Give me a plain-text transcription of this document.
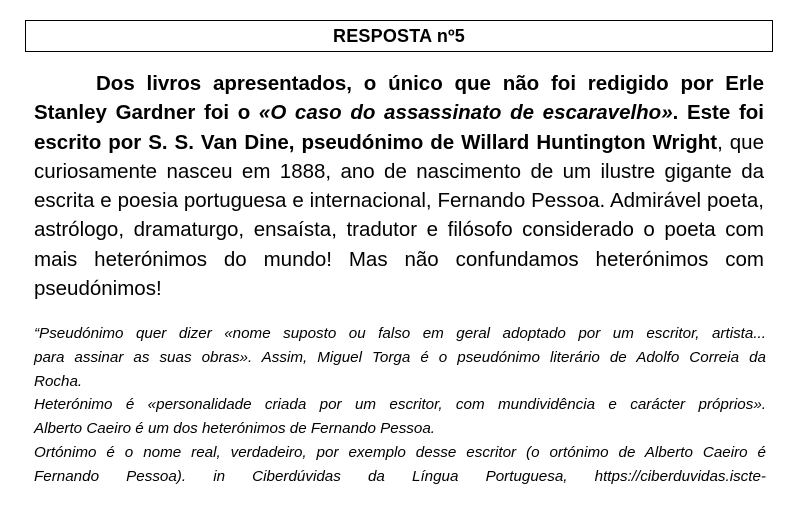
RESPOSTA nº5

Dos livros apresentados, o único que não foi redigido por Erle Stanley Gardner foi o «O caso do assassinato de escaravelho». Este foi escrito por S. S. Van Dine, pseudónimo de Willard Huntington Wright, que curiosamente nasceu em 1888, ano de nascimento de um ilustre gigante da escrita e poesia portuguesa e internacional, Fernando Pessoa. Admirável poeta, astrólogo, dramaturgo, ensaísta, tradutor e filósofo considerado o poeta com mais heterónimos do mundo! Mas não confundamos heterónimos com pseudónimos!

“Pseudónimo quer dizer «nome suposto ou falso em geral adoptado por um escritor, artista...
para assinar as suas obras». Assim, Miguel Torga é o pseudónimo literário de Adolfo Correia da
Rocha.
Heterónimo é «personalidade criada por um escritor, com mundividência e carácter próprios».
Alberto Caeiro é um dos heterónimos de Fernando Pessoa.
Ortónimo é o nome real, verdadeiro, por exemplo desse escritor (o ortónimo de Alberto Caeiro é
Fernando Pessoa). in Ciberdúvidas da Língua Portuguesa, https://ciberduvidas.iscte-
